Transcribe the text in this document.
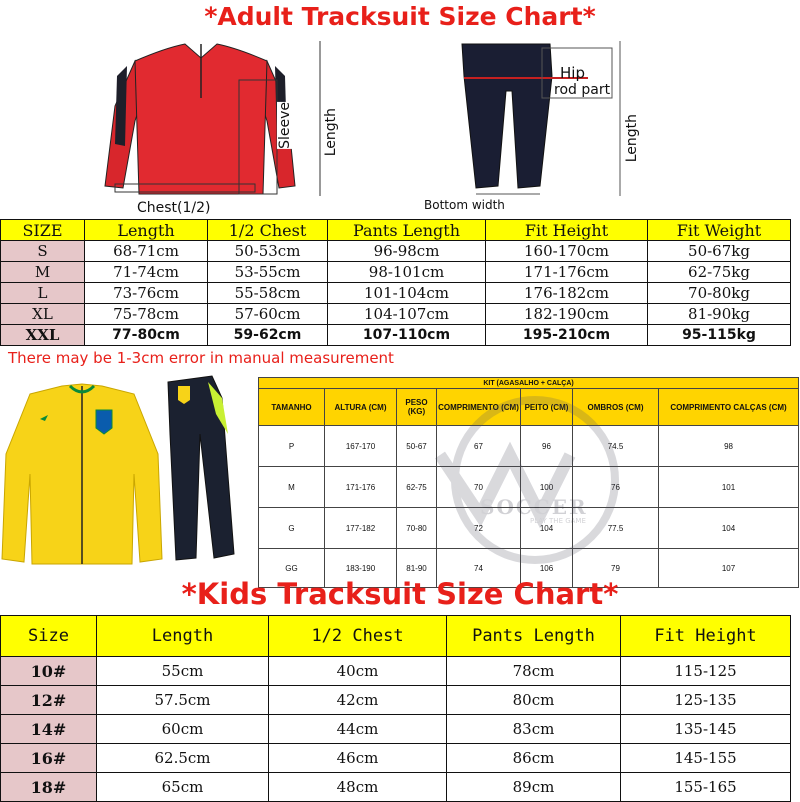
*Adult Tracksuit Size Chart*
Sleeve Length
Chest(1/2)
Hip
rod part
Length
Bottom width
SIZE	Length	1/2 Chest	Pants Length	Fit Height	Fit Weight
S	68-71cm	50-53cm	96-98cm	160-170cm	50-67kg
M	71-74cm	53-55cm	98-101cm	171-176cm	62-75kg
L	73-76cm	55-58cm	101-104cm	176-182cm	70-80kg
XL	75-78cm	57-60cm	104-107cm	182-190cm	81-90kg
XXL	77-80cm	59-62cm	107-110cm	195-210cm	95-115kg
There may be 1-3cm error in manual measurement
KIT (AGASALHO + CALÇA)						
TAMANHO	ALTURA (CM)	PESO (KG)	COMPRIMENTO (CM)	PEITO (CM)	OMBROS (CM)	COMPRIMENTO CALÇAS (CM)
P	167-170	50-67	67	96	74.5	98
M	171-176	62-75	70	100	76	101
G	177-182	70-80	72	104	77.5	104
GG	183-190	81-90	74	106	79	107
SOCCER
PLAY THE GAME
*Kids Tracksuit Size Chart*
Size	Length	1/2 Chest	Pants Length	Fit Height
10#	55cm	40cm	78cm	115-125
12#	57.5cm	42cm	80cm	125-135
14#	60cm	44cm	83cm	135-145
16#	62.5cm	46cm	86cm	145-155
18#	65cm	48cm	89cm	155-165
